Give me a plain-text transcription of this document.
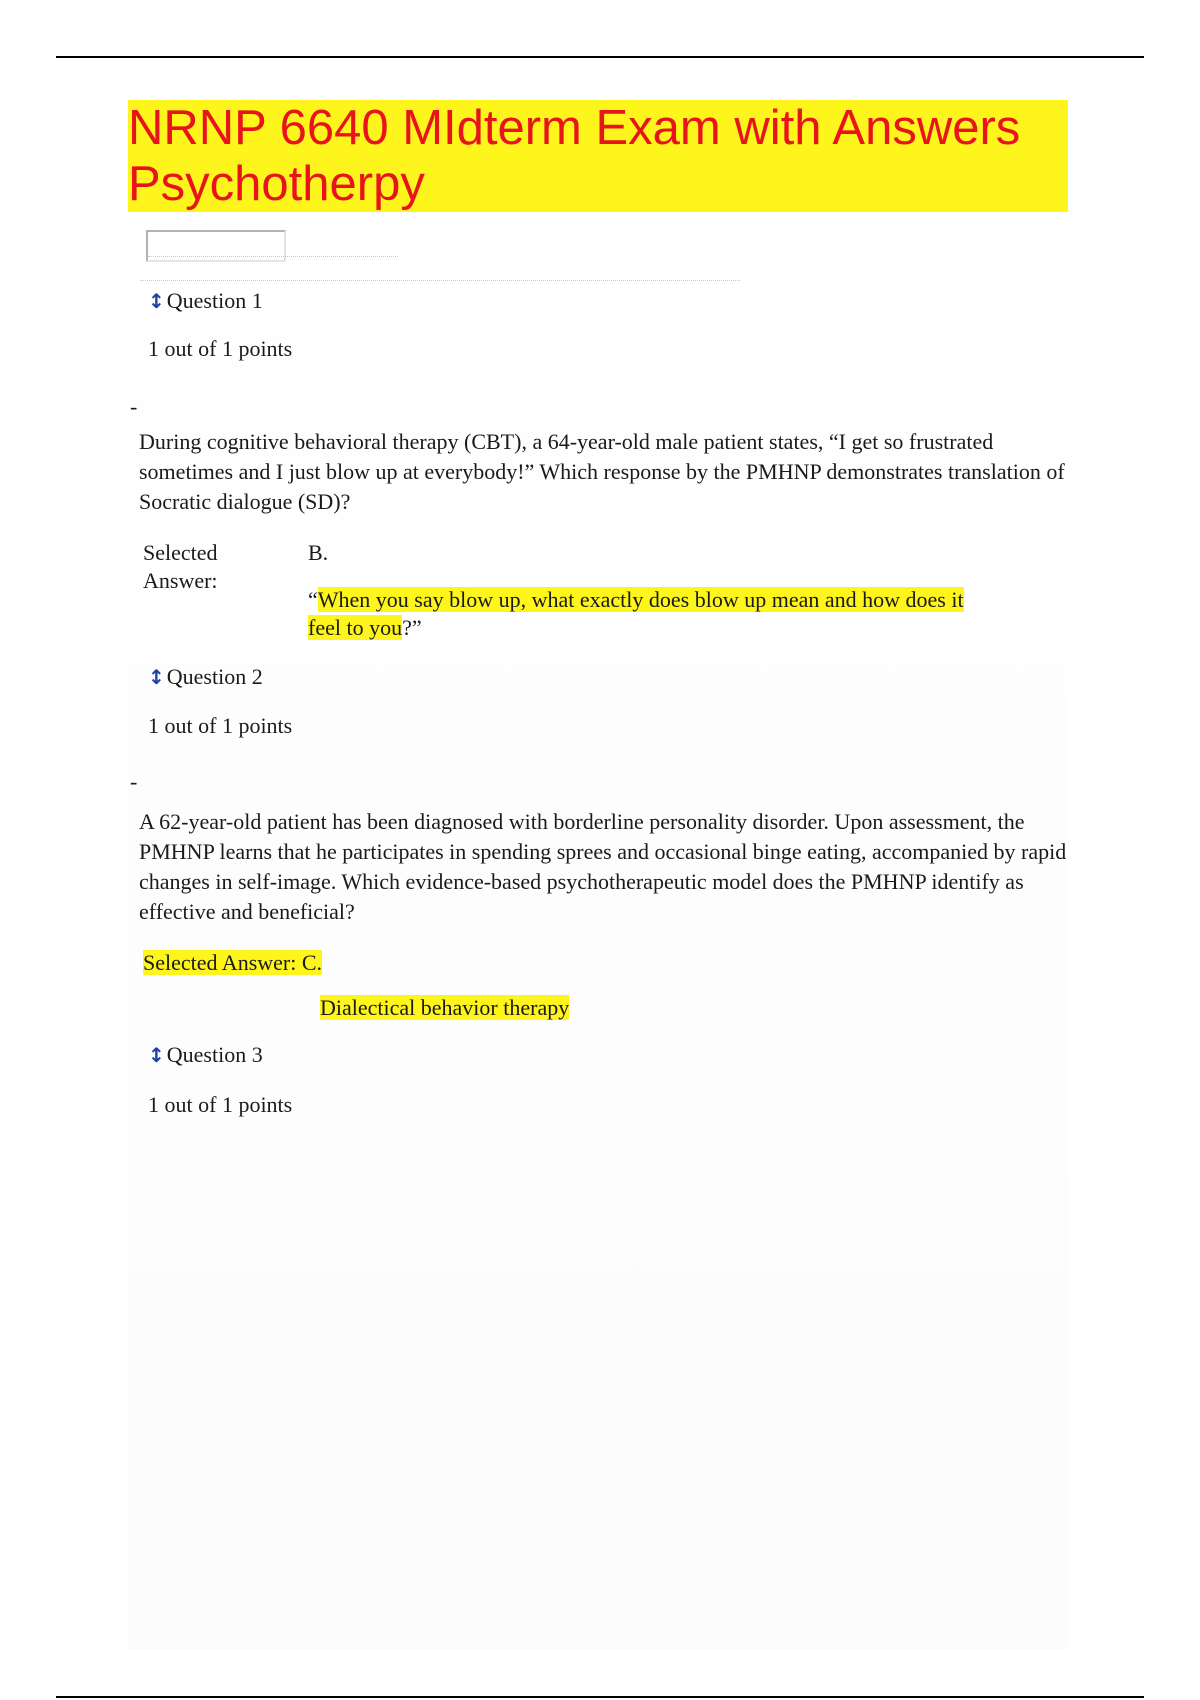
NRNP 6640 MIdterm Exam with Answers
Psychotherpy
↕Question 1
1 out of 1 points
-
During cognitive behavioral therapy (CBT), a 64-year-old male patient states, “I get so frustrated sometimes and I just blow up at everybody!” Which response by the PMHNP demonstrates translation of Socratic dialogue (SD)?
Selected
Answer:
B.
“When you say blow up, what exactly does blow up mean and how does it
feel to you?”
↕Question 2
1 out of 1 points
-
A 62-year-old patient has been diagnosed with borderline personality disorder. Upon assessment, the PMHNP learns that he participates in spending sprees and occasional binge eating, accompanied by rapid changes in self-image. Which evidence-based psychotherapeutic model does the PMHNP identify as effective and beneficial?
Selected Answer: C.
Dialectical behavior therapy
↕Question 3
1 out of 1 points
